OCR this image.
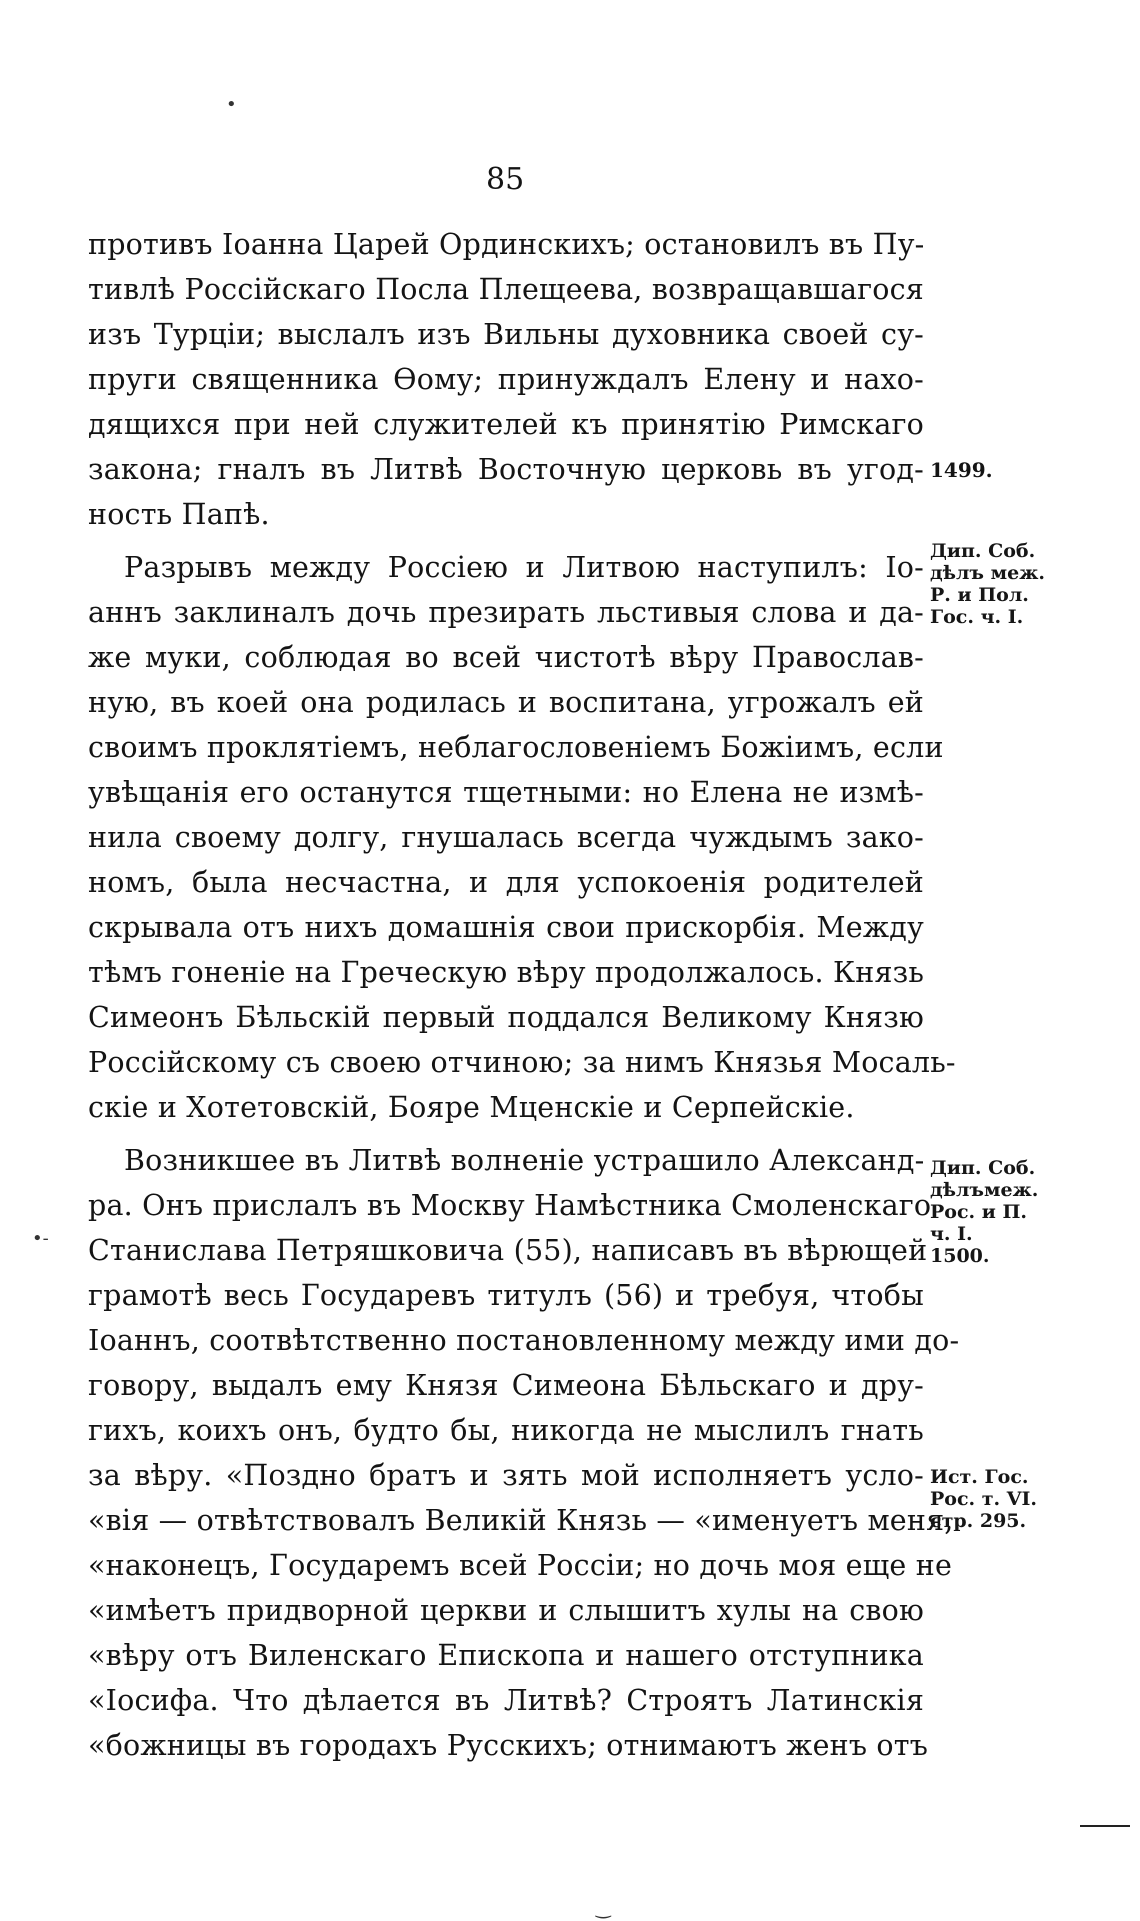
•
•-
‿
85
противъ Іоанна Царей Ординскихъ; остановилъ въ Пу-
тивлѣ Россійскаго Посла Плещеева, возвращавшагося
изъ Турціи; выслалъ изъ Вильны духовника своей су-
пруги священника Ѳому; принуждалъ Елену и нахо-
дящихся при ней служителей къ принятію Римскаго
закона; гналъ въ Литвѣ Восточную церковь въ угод-
ность Папѣ.
Разрывъ между Россіею и Литвою наступилъ: Іо-
аннъ заклиналъ дочь презирать льстивыя слова и да-
же муки, соблюдая во всей чистотѣ вѣру Православ-
ную, въ коей она родилась и воспитана, угрожалъ ей
своимъ проклятіемъ, неблагословеніемъ Божіимъ, если
увѣщанія его останутся тщетными: но Елена не измѣ-
нила своему долгу, гнушалась всегда чуждымъ зако-
номъ, была несчастна, и для успокоенія родителей
скрывала отъ нихъ домашнія свои прискорбія. Между
тѣмъ гоненіе на Греческую вѣру продолжалось. Князь
Симеонъ Бѣльскій первый поддался Великому Князю
Россійскому съ своею отчиною; за нимъ Князья Мосаль-
скіе и Хотетовскій, Бояре Мценскіе и Серпейскіе.
Возникшее въ Литвѣ волненіе устрашило Александ-
ра. Онъ прислалъ въ Москву Намѣстника Смоленскаго
Станислава Петряшковича (55), написавъ въ вѣрющей
грамотѣ весь Государевъ титулъ (56) и требуя, чтобы
Іоаннъ, соотвѣтственно постановленному между ими до-
говору, выдалъ ему Князя Симеона Бѣльскаго и дру-
гихъ, коихъ онъ, будто бы, никогда не мыслилъ гнать
за вѣру. «Поздно братъ и зять мой исполняетъ усло-
«вія — отвѣтствовалъ Великій Князь — «именуетъ меня,
«наконецъ, Государемъ всей Россіи; но дочь моя еще не
«имѣетъ придворной церкви и слышитъ хулы на свою
«вѣру отъ Виленскаго Епископа и нашего отступника
«Іосифа. Что дѣлается въ Литвѣ? Строятъ Латинскія
«божницы въ городахъ Русскихъ; отнимаютъ женъ отъ
1499.
Дип. Соб.
дѣлъ меж.
Р. и Пол.
Гос. ч. I.
Дип. Соб.
дѣлъмеж.
Рос. и П.
ч. I.
1500.
Ист. Гос.
Рос. т. VI.
стр. 295.
